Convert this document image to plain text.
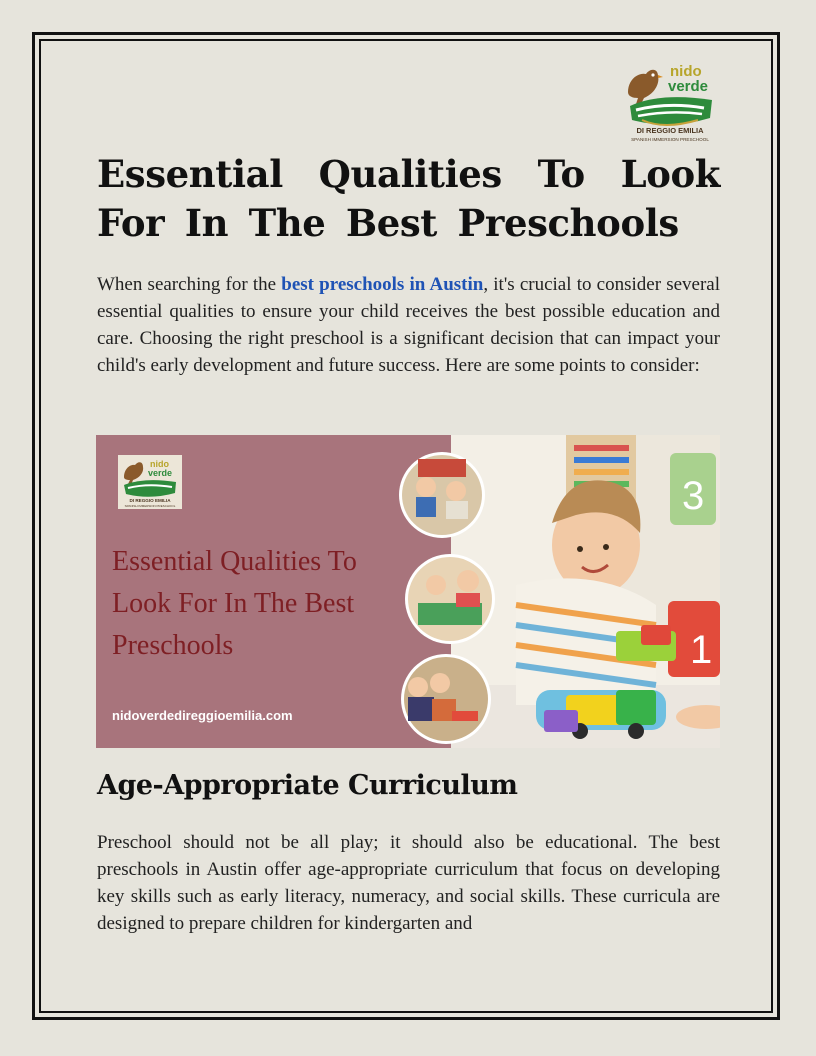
nido
verde
DI REGGIO EMILIA
SPANISH IMMERSION PRESCHOOL
Essential Qualities To Look For In The Best Preschools

When searching for the best preschools in Austin, it's crucial to consider several essential qualities to ensure your child receives the best possible education and care. Choosing the right preschool is a significant decision that can impact your child's early development and future success. Here are some points to consider:

3
1
nido
verde
DI REGGIO EMILIA
SPANISH IMMERSION PRESCHOOL

Essential Qualities To Look For In The Best Preschools

nidoverdedireggioemilia.com
Age-Appropriate Curriculum

Preschool should not be all play; it should also be educational. The best preschools in Austin offer age-appropriate curriculum that focus on developing key skills such as early literacy, numeracy, and social skills. These curricula are designed to prepare children for kindergarten and
